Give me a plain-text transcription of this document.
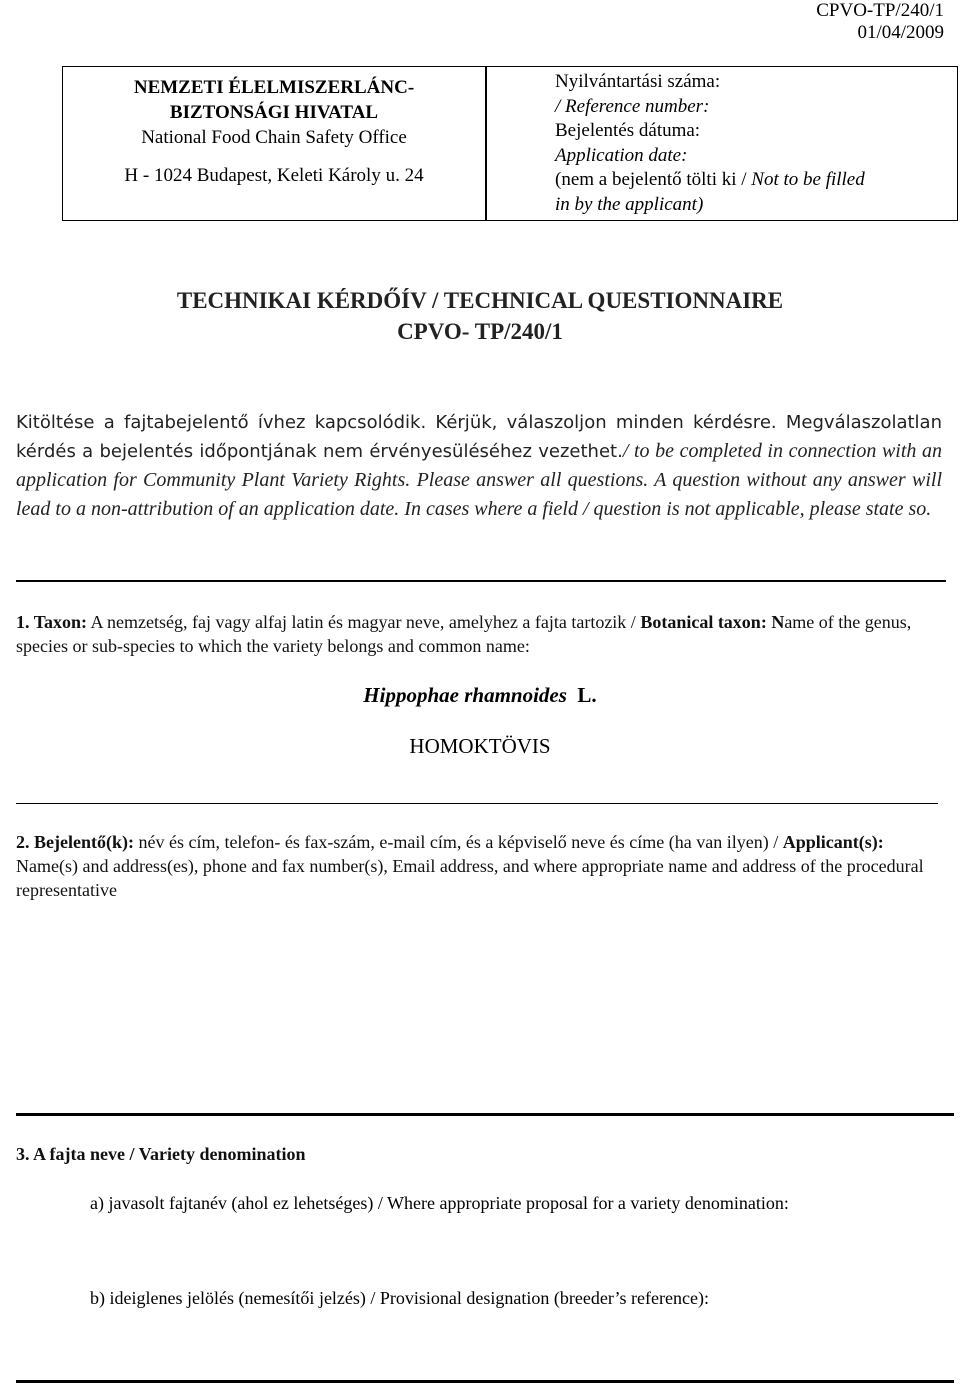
CPVO-TP/240/1
01/04/2009
NEMZETI ÉLELMISZERLÁNC-
BIZTONSÁGI HIVATAL
National Food Chain Safety Office
H - 1024 Budapest, Keleti Károly u. 24
Nyilvántartási száma:
/ Reference number:
Bejelentés dátuma:
Application date:
(nem a bejelentő tölti ki / Not to be filled
in by the applicant)
TECHNIKAI KÉRDŐÍV / TECHNICAL QUESTIONNAIRE
CPVO- TP/240/1
Kitöltése a fajtabejelentő ívhez kapcsolódik. Kérjük, válaszoljon minden kérdésre. Megválaszolatlan kérdés a bejelentés időpontjának nem érvényesüléséhez vezethet./ to be completed in connection with an application for Community Plant Variety Rights. Please answer all questions. A question without any answer will lead to a non-attribution of an application date. In cases where a field / question is not applicable, please state so.
1. Taxon: A nemzetség, faj vagy alfaj latin és magyar neve, amelyhez a fajta tartozik / Botanical taxon: Name of the genus, species or sub-species to which the variety belongs and common name:
Hippophae rhamnoides L.
HOMOKTÖVIS
2. Bejelentő(k): név és cím, telefon- és fax-szám, e-mail cím, és a képviselő neve és címe (ha van ilyen) / Applicant(s): Name(s) and address(es), phone and fax number(s), Email address, and where appropriate name and address of the procedural representative
3. A fajta neve / Variety denomination
a) javasolt fajtanév (ahol ez lehetséges) / Where appropriate proposal for a variety denomination:
b) ideiglenes jelölés (nemesítői jelzés) / Provisional designation (breeder’s reference):
